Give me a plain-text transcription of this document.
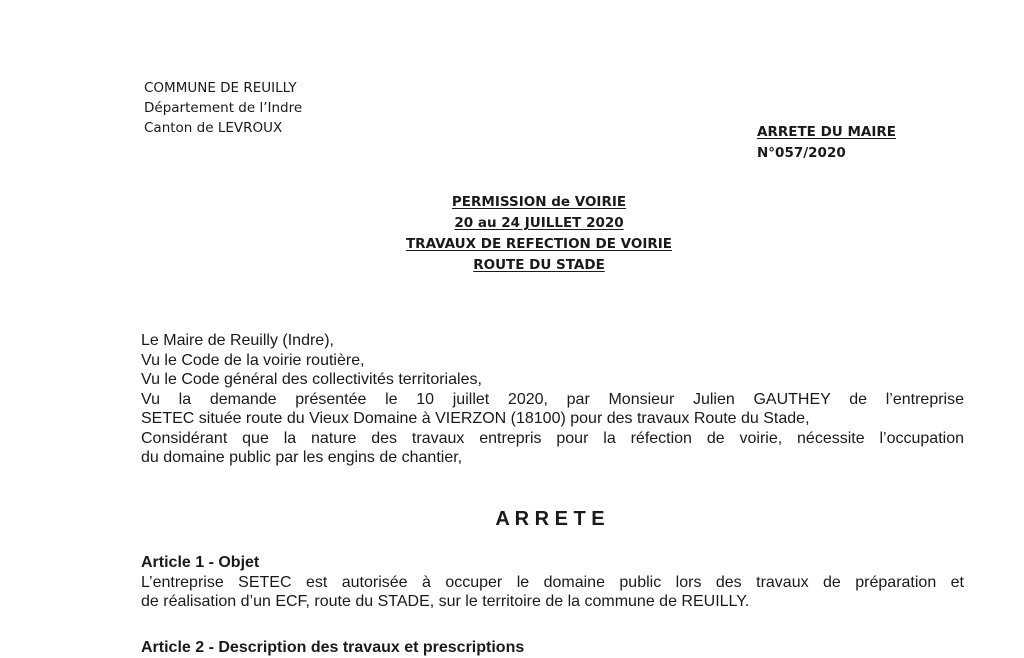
COMMUNE DE REUILLY
Département de l’Indre
Canton de LEVROUX	ARRETE DU MAIRE
N°057/2020
PERMISSION de VOIRIE
20 au 24 JUILLET 2020
TRAVAUX DE REFECTION DE VOIRIE
ROUTE DU STADE
Le Maire de Reuilly (Indre),
Vu le Code de la voirie routière,
Vu le Code général des collectivités territoriales,
Vu la demande présentée le 10 juillet 2020, par Monsieur Julien GAUTHEY de l’entreprise
SETEC située route du Vieux Domaine à VIERZON (18100) pour des travaux Route du Stade,
Considérant que la nature des travaux entrepris pour la réfection de voirie, nécessite l’occupation
du domaine public par les engins de chantier,
A R R E T E
Article 1 - Objet
L’entreprise SETEC est autorisée à occuper le domaine public lors des travaux de préparation et
de réalisation d’un ECF, route du STADE, sur le territoire de la commune de REUILLY.
Article 2 - Description des travaux et prescriptions
